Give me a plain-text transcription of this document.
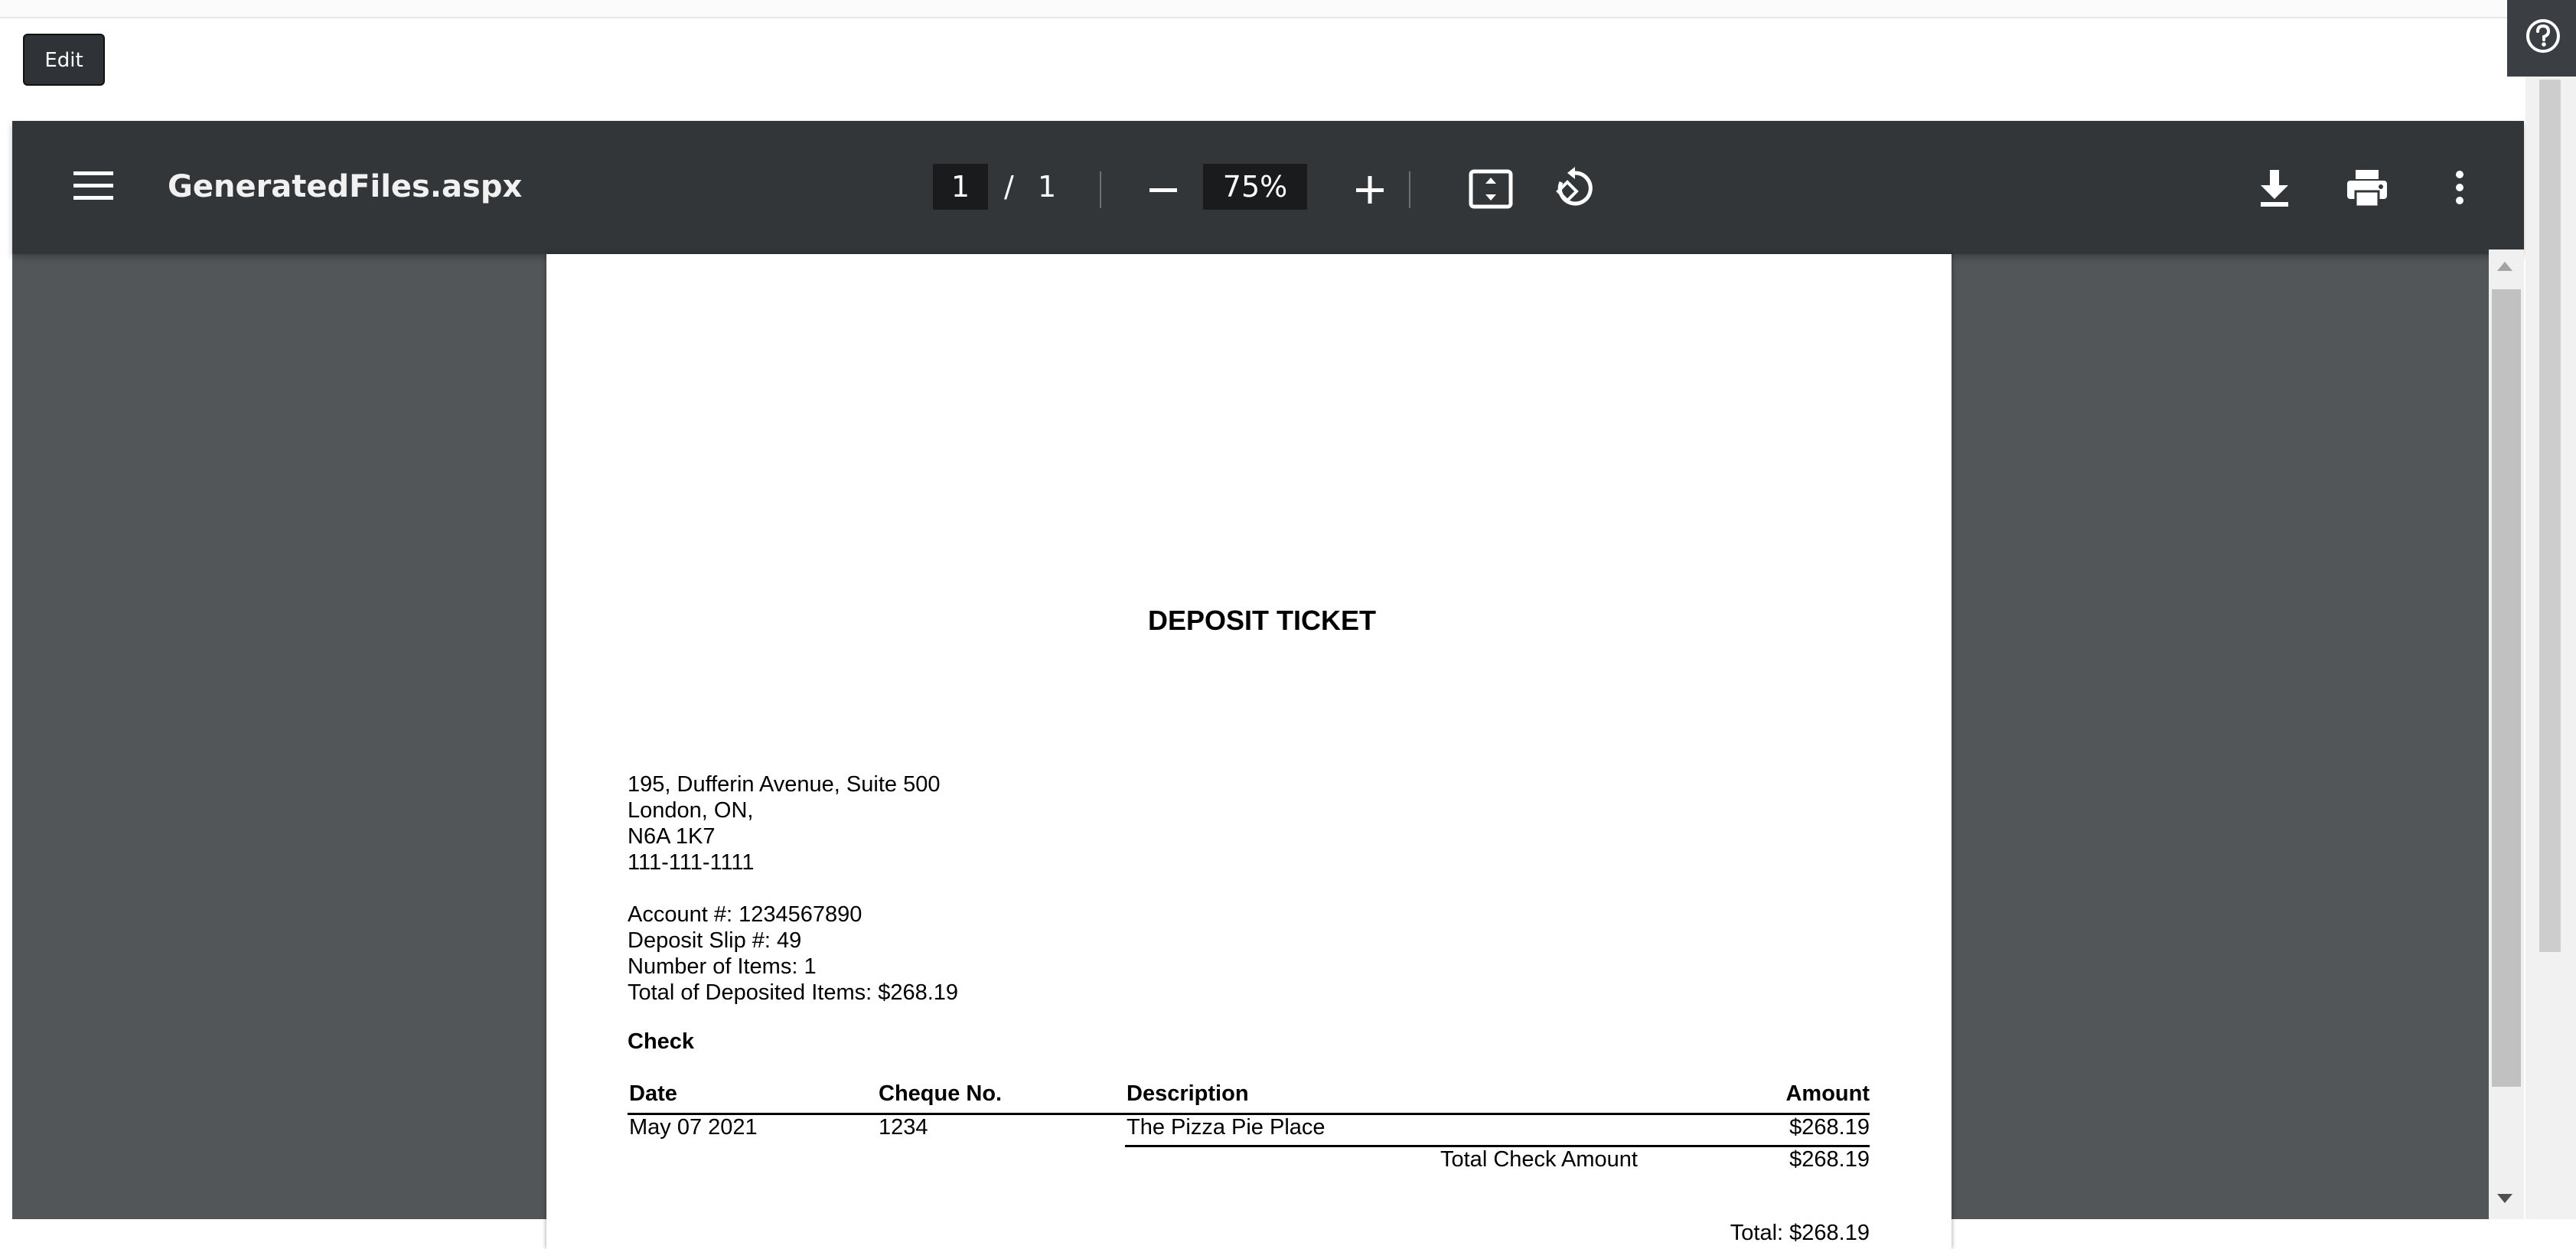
Edit
GeneratedFiles.aspx	1	/ 1	75%
DEPOSIT TICKET
195, Dufferin Avenue, Suite 500
London, ON,
N6A 1K7
111-111-1111
Account #: 1234567890
Deposit Slip #: 49
Number of Items: 1
Total of Deposited Items: $268.19
Check
Date	Cheque No.	Description	Amount
May 07 2021	1234	The Pizza Pie Place	$268.19
Total Check Amount	$268.19
Total: $268.19
